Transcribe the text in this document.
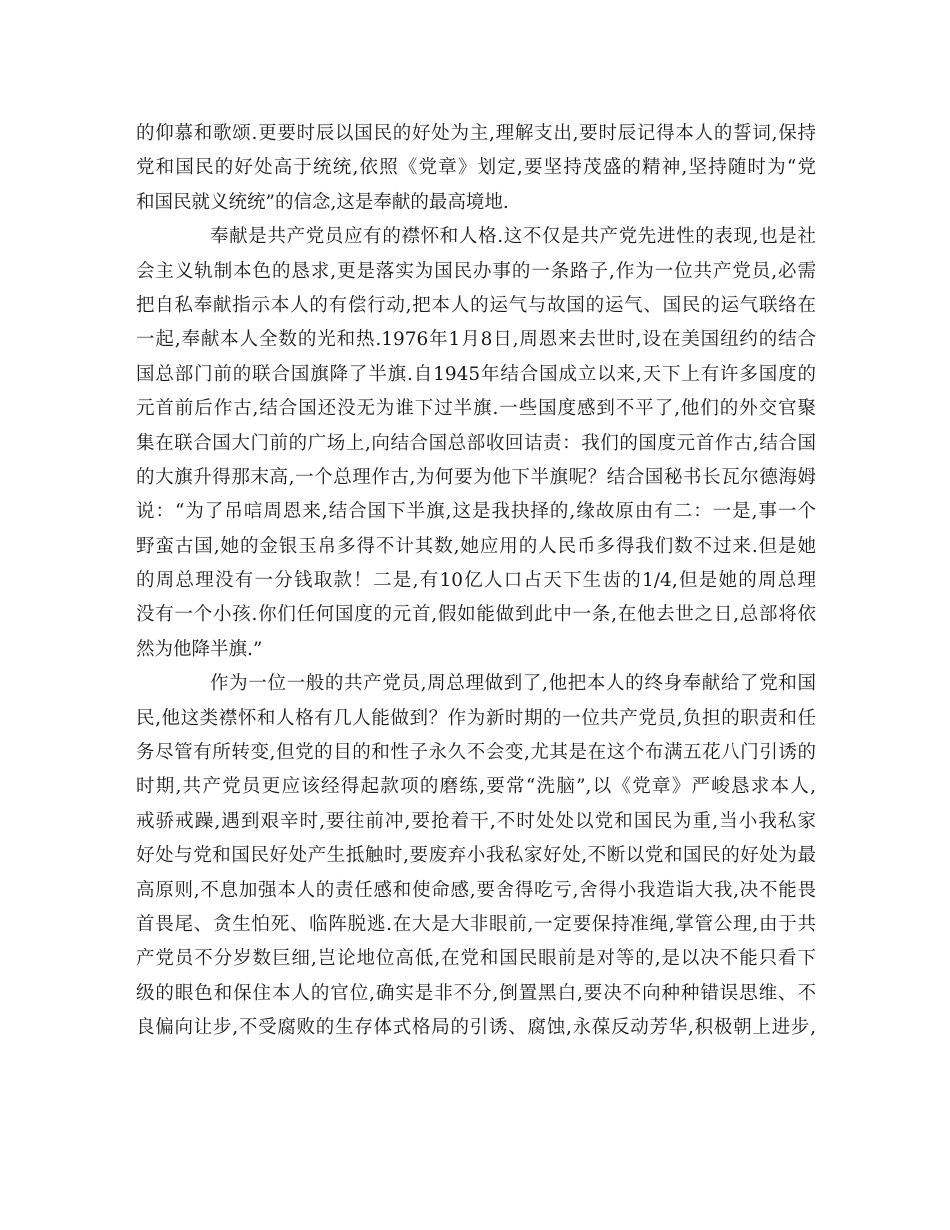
的仰慕和歌颂.更要时辰以国民的好处为主,理解支出,要时辰记得本人的誓词,保持
党和国民的好处高于统统,依照《党章》划定,要坚持茂盛的精神,坚持随时为“党
和国民就义统统”的信念,这是奉献的最高境地.
奉献是共产党员应有的襟怀和人格.这不仅是共产党先进性的表现,也是社
会主义轨制本色的恳求,更是落实为国民办事的一条路子,作为一位共产党员,必需
把自私奉献指示本人的有偿行动,把本人的运气与故国的运气、国民的运气联络在
一起,奉献本人全数的光和热.1976年1月8日,周恩来去世时,设在美国纽约的结合
国总部门前的联合国旗降了半旗.自1945年结合国成立以来,天下上有许多国度的
元首前后作古,结合国还没无为谁下过半旗.一些国度感到不平了,他们的外交官聚
集在联合国大门前的广场上,向结合国总部收回诘责：我们的国度元首作古,结合国
的大旗升得那末高,一个总理作古,为何要为他下半旗呢？结合国秘书长瓦尔德海姆
说：“为了吊唁周恩来,结合国下半旗,这是我抉择的,缘故原由有二：一是,事一个
野蛮古国,她的金银玉帛多得不计其数,她应用的人民币多得我们数不过来.但是她
的周总理没有一分钱取款！二是,有10亿人口占天下生齿的1/4,但是她的周总理
没有一个小孩.你们任何国度的元首,假如能做到此中一条,在他去世之日,总部将依
然为他降半旗.”
作为一位一般的共产党员,周总理做到了,他把本人的终身奉献给了党和国
民,他这类襟怀和人格有几人能做到？作为新时期的一位共产党员,负担的职责和任
务尽管有所转变,但党的目的和性子永久不会变,尤其是在这个布满五花八门引诱的
时期,共产党员更应该经得起款项的磨练,要常“洗脑”,以《党章》严峻恳求本人,
戒骄戒躁,遇到艰辛时,要往前冲,要抢着干,不时处处以党和国民为重,当小我私家
好处与党和国民好处产生抵触时,要废弃小我私家好处,不断以党和国民的好处为最
高原则,不息加强本人的责任感和使命感,要舍得吃亏,舍得小我造诣大我,决不能畏
首畏尾、贪生怕死、临阵脱逃.在大是大非眼前,一定要保持准绳,掌管公理,由于共
产党员不分岁数巨细,岂论地位高低,在党和国民眼前是对等的,是以决不能只看下
级的眼色和保住本人的官位,确实是非不分,倒置黑白,要决不向种种错误思维、不
良偏向让步,不受腐败的生存体式格局的引诱、腐蚀,永葆反动芳华,积极朝上进步,
